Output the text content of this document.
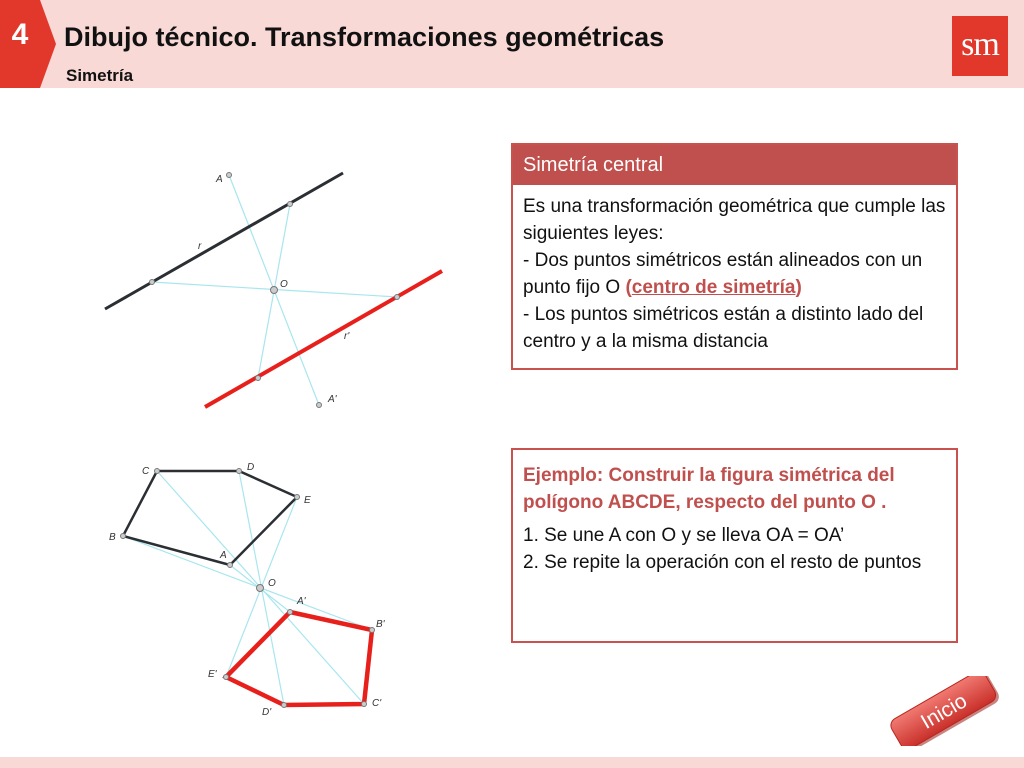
4	Dibujo técnico. Transformaciones geométricas
Simetría
sm
A
r
O
r'
A'
C	D
E
B
A
O
A'
B'
E'
C'
D'
Simetría central

Es una transformación geométrica que cumple las siguientes leyes:

- Dos puntos simétricos están alineados con un punto fijo O (centro de simetría)

- Los puntos simétricos están a distinto lado del centro y a la misma distancia

Ejemplo: Construir la figura simétrica del polígono ABCDE, respecto del punto O .

1. Se une A con O y se lleva OA = OA’

2. Se repite la operación con el resto de puntos

Inicio
